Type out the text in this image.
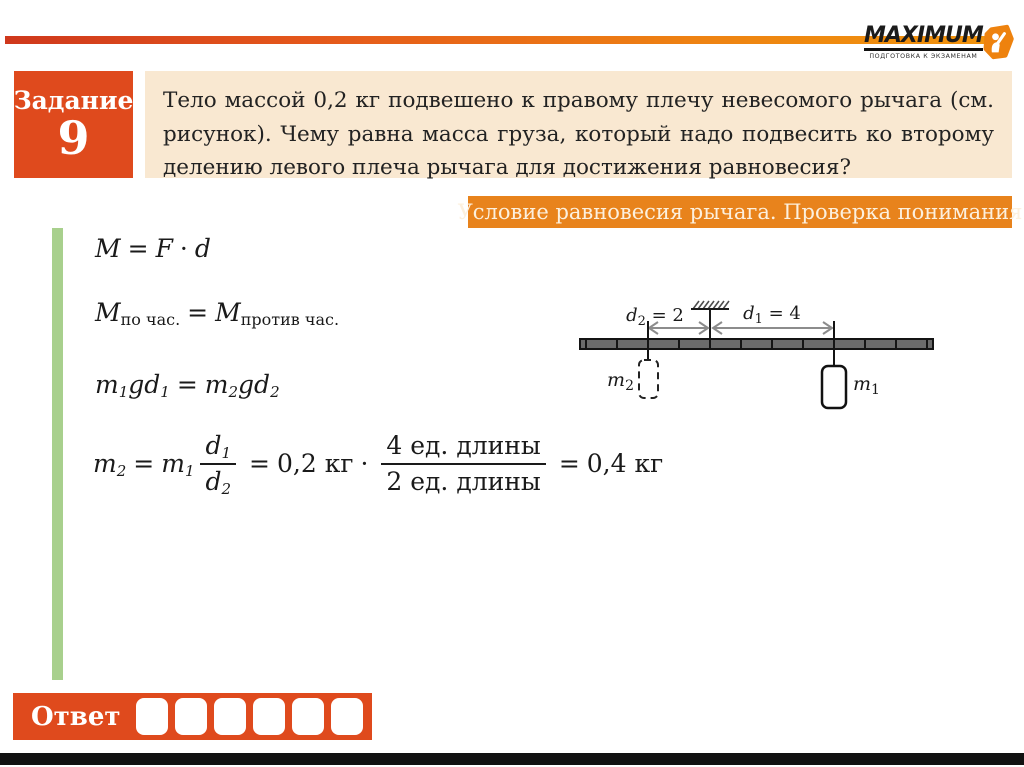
MAXIMUM
ПОДГОТОВКА К ЭКЗАМЕНАМ
Задание
9
Тело массой 0,2 кг подвешено к правому плечу невесомого рычага (см. рисунок). Чему равна масса груза, который надо подвесить ко второму делению левого плеча рычага для достижения равновесия?
Условие равновесия рычага. Проверка понимания
M = F · d
Mпо час. = Mпротив час.
m1gd1 = m2gd2
$m2 = m1 \frac{d1}{d2} = 0,2$ кг · $\frac{\text{4 ед. длины}}{\text{2 ед. длины}} = 0,4$ кг
$d_2 = 2$	$d_1 = 4$
$m_2$	$m_1$
Ответ	кг
